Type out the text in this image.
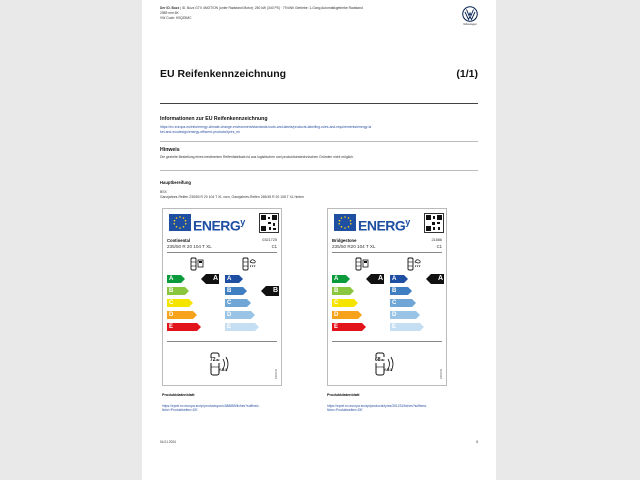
Der ID. Buzz | ID. Buzz GTX 4MOTION (unter Radstand Motor): 250 kW (340 PS) · 79 kWh Getriebe: 1-Gang Automatikgetriebe Radstand
2989 mm 6K
VW Code: K9QZ5MC
Volkswagen
EU Reifenkennzeichnung	(1/1)
Informationen zur EU Reifenkennzeichnung
https://ec.europa.eu/info/energy-climate-change-environment/standards-tools-and-labels/products-labelling-rules-and-requirements/energy-la
bel-and-ecodesign/energy-efficient-products/tyres_en
Hinweis
Die gezielte Bestellung eines bestimmten Reifenfabrikats ist aus logistischen und produktionstechnischen Gründen nicht möglich.
Hauptbereifung
BSX
Ganzjahres-Reifen 235/50 R 20 104 T XL vorn, Ganzjahres-Reifen 265/45 R 20 108 T XL hinten
ENERG$^y$
Continental	0321725
235/50 R 20 104 T XL	C1
A
B
C
D
E
A	A
B
C
D
E
B
72dB
ABC	2020/740
ENERG$^y$
Bridgestone	21886
235/50 R20 104 T XL	C1
A
B
C
D
E
A	A
B
C
D
E
A
68dB
ABC	2020/740
Produktdatenblatt
https://eprel.ec.europa.eu/qr/productsyou/x388889/fiches?suffixed-fiche=Produktseiten=DE
Produktdatenblatt
https://eprel.ec.europa.eu/api/products/tyres/301231/fiches?suffixed-fiche=Produktseiten=DE
04.01.2024	8
